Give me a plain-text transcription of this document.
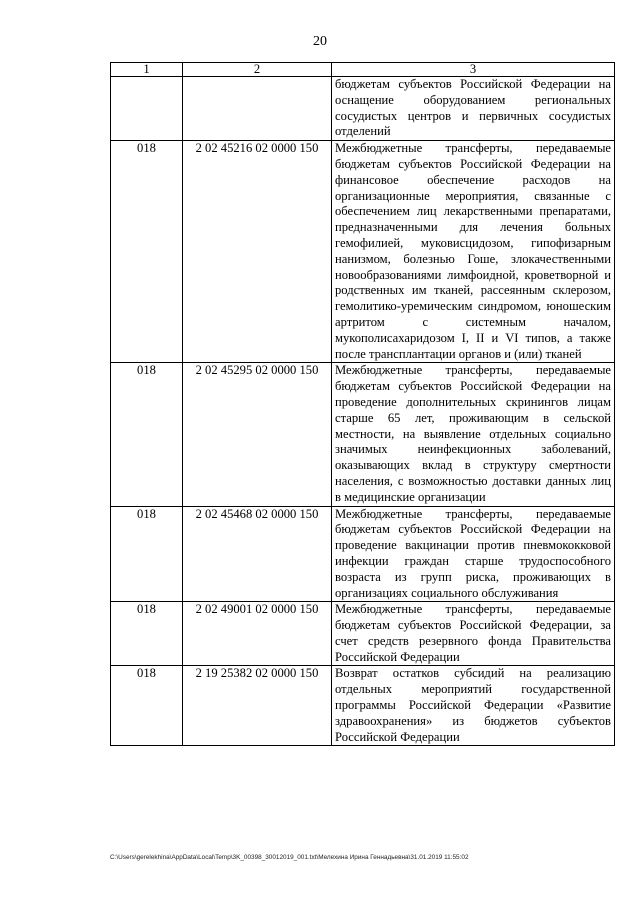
20
1	2	3
		бюджетам субъектов Российской Федерации на оснащение оборудованием региональных сосудистых центров и первичных сосудистых отделений
018	2 02 45216 02 0000 150	Межбюджетные трансферты, передаваемые бюджетам субъектов Российской Федерации на финансовое обеспечение расходов на организационные мероприятия, связанные с обеспечением лиц лекарственными препаратами, предназначенными для лечения больных гемофилией, муковисцидозом, гипофизарным нанизмом, болезнью Гоше, злокачественными новообразованиями лимфоидной, кроветворной и родственных им тканей, рассеянным склерозом, гемолитико-уремическим синдромом, юношеским артритом с системным началом, мукополисахаридозом I, II и VI типов, а также после трансплантации органов и (или) тканей
018	2 02 45295 02 0000 150	Межбюджетные трансферты, передаваемые бюджетам субъектов Российской Федерации на проведение дополнительных скринингов лицам старше 65 лет, проживающим в сельской местности, на выявление отдельных социально значимых неинфекционных заболеваний, оказывающих вклад в структуру смертности населения, с возможностью доставки данных лиц в медицинские организации
018	2 02 45468 02 0000 150	Межбюджетные трансферты, передаваемые бюджетам субъектов Российской Федерации на проведение вакцинации против пневмококковой инфекции граждан старше трудоспособного возраста из групп риска, проживающих в организациях социального обслуживания
018	2 02 49001 02 0000 150	Межбюджетные трансферты, передаваемые бюджетам субъектов Российской Федерации, за счет средств резервного фонда Правительства Российской Федерации
018	2 19 25382 02 0000 150	Возврат остатков субсидий на реализацию отдельных мероприятий государственной программы Российской Федерации «Развитие здравоохранения» из бюджетов субъектов Российской Федерации
C:\Users\gerelekhina\AppData\Local\Temp\3K_00398_30012019_001.txt\Мелехина Ирина Геннадьевна\31.01.2019 11:55:02
